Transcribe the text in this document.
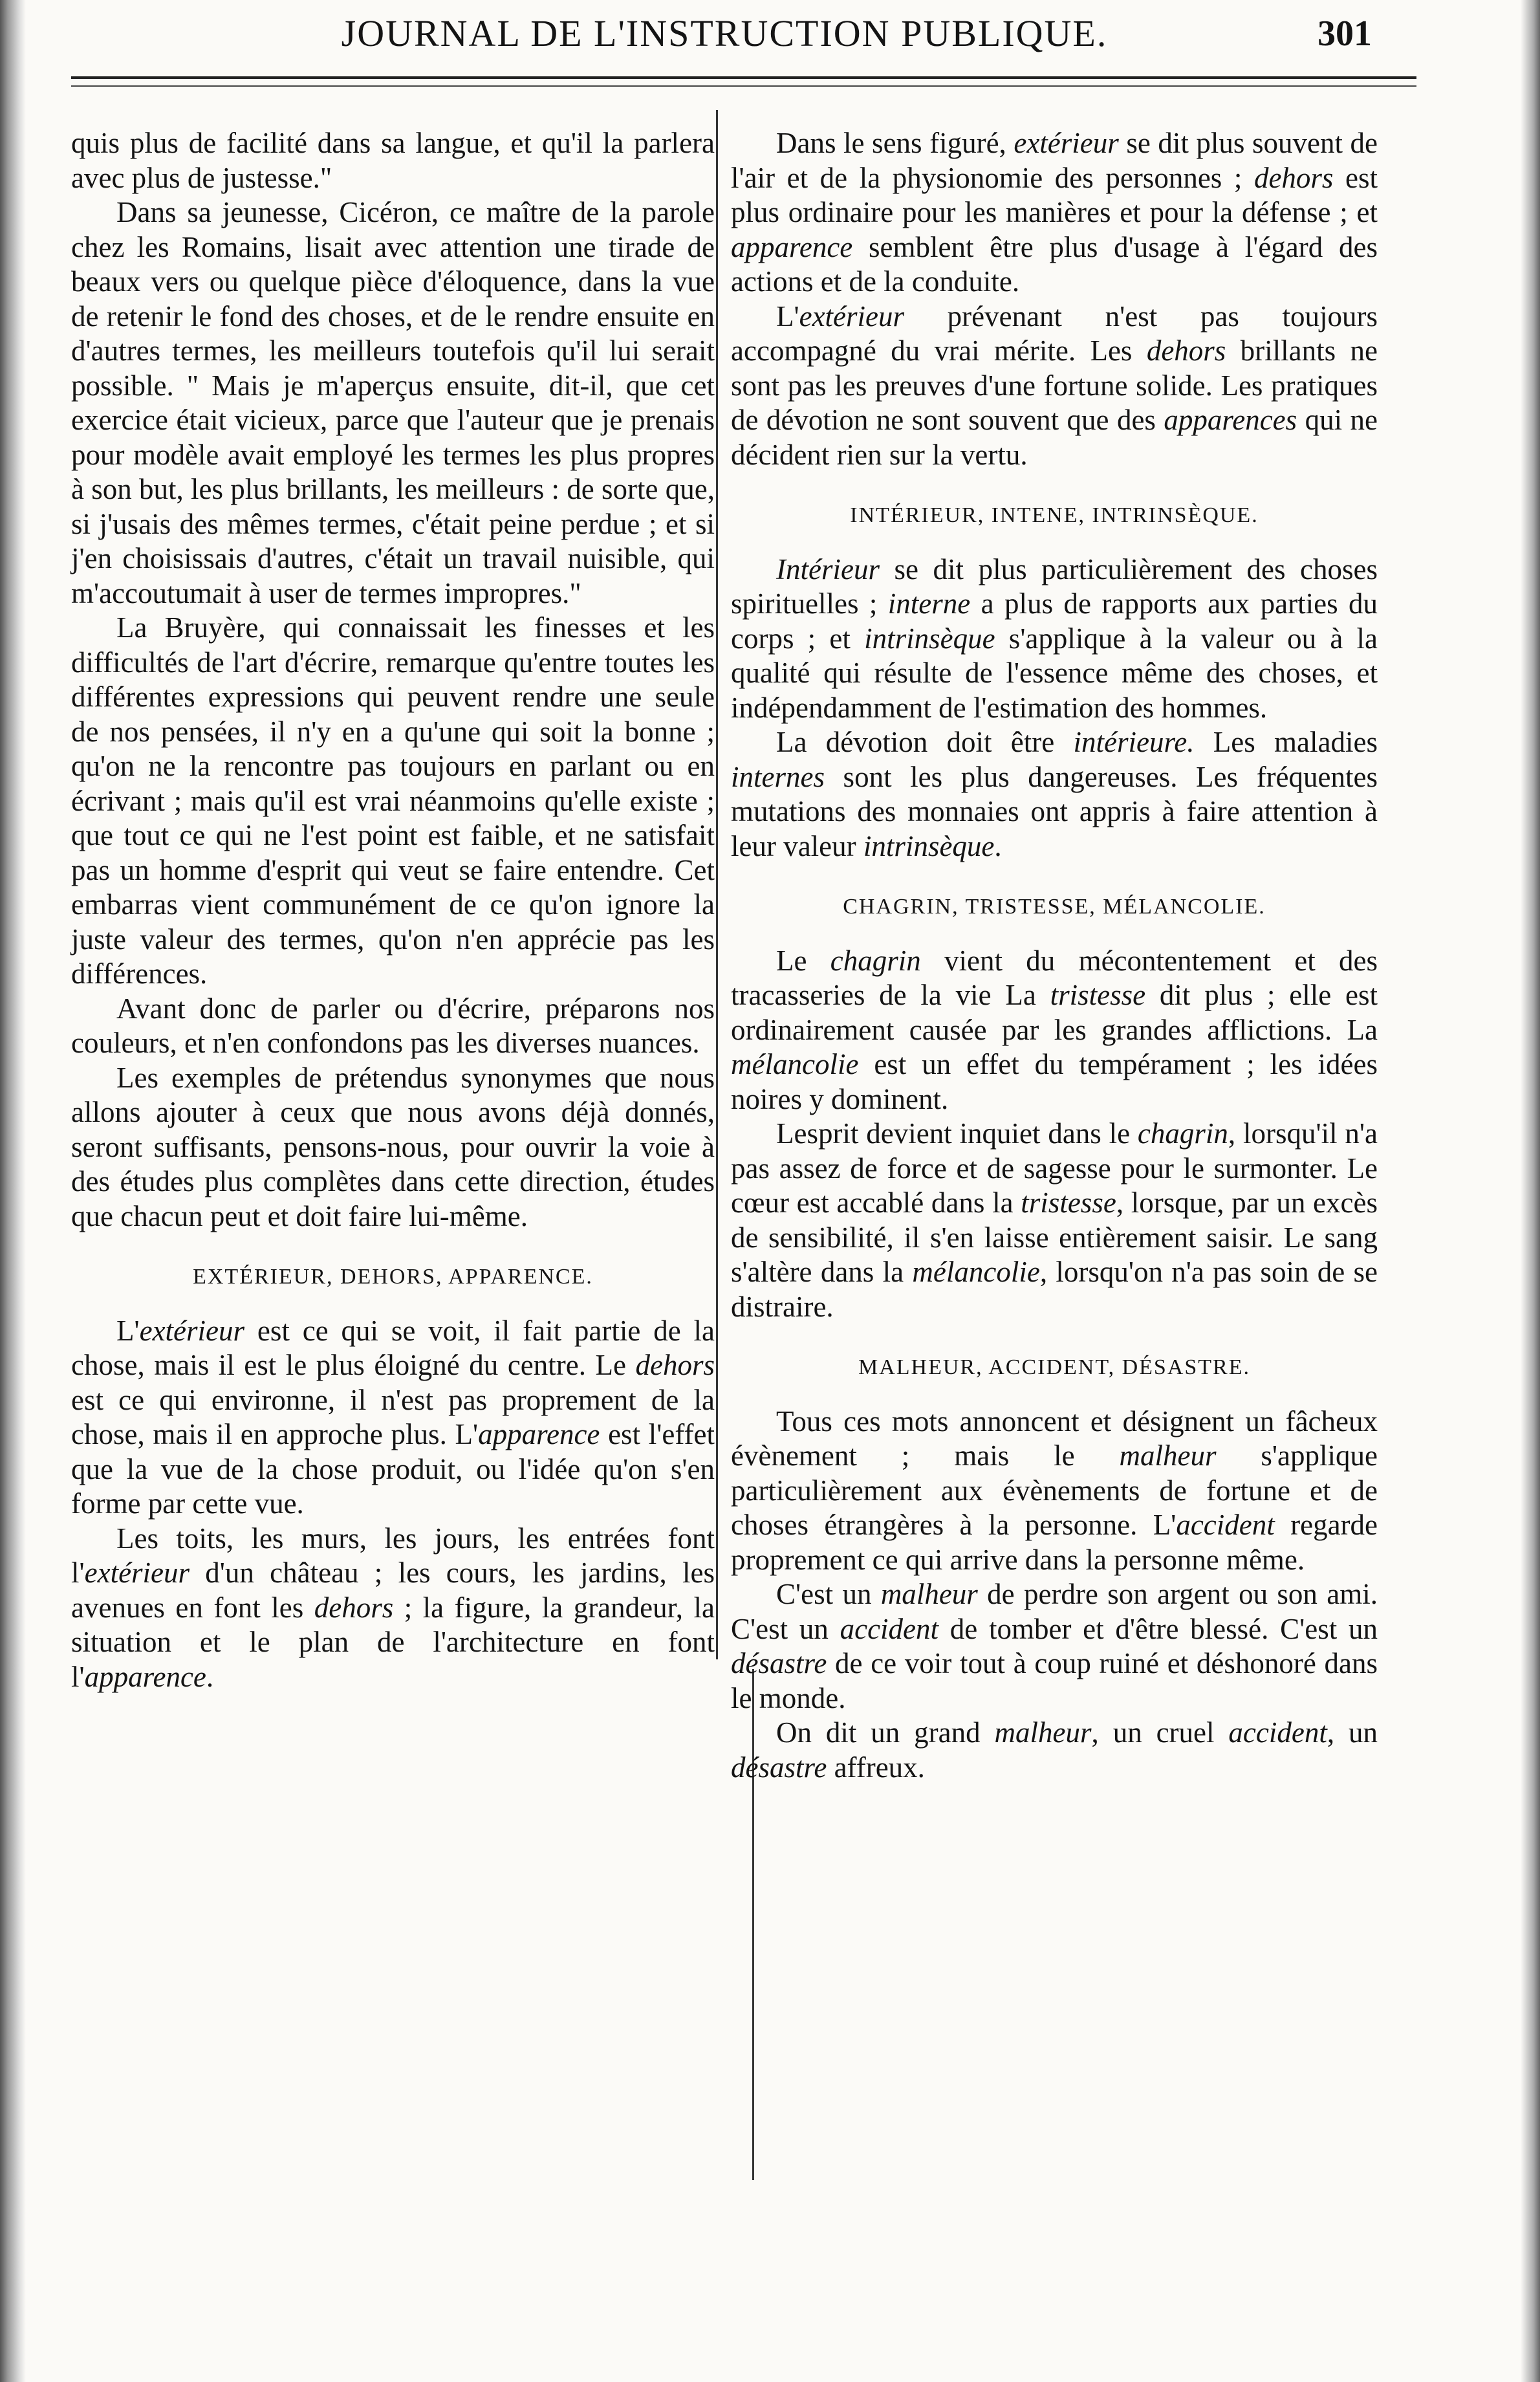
JOURNAL DE L'INSTRUCTION PUBLIQUE.	301

quis plus de facilité dans sa langue, et qu'il la parlera avec plus de justesse."

Dans sa jeunesse, Cicéron, ce maître de la parole chez les Romains, lisait avec attention une tirade de beaux vers ou quelque pièce d'éloquence, dans la vue de retenir le fond des choses, et de le rendre ensuite en d'autres termes, les meilleurs toutefois qu'il lui serait possible. " Mais je m'aperçus ensuite, dit-il, que cet exercice était vicieux, parce que l'auteur que je prenais pour modèle avait employé les termes les plus propres à son but, les plus brillants, les meilleurs : de sorte que, si j'usais des mêmes termes, c'était peine perdue ; et si j'en choisissais d'autres, c'était un travail nuisible, qui m'accoutumait à user de termes impropres."

La Bruyère, qui connaissait les finesses et les difficultés de l'art d'écrire, remarque qu'entre toutes les différentes expressions qui peuvent rendre une seule de nos pensées, il n'y en a qu'une qui soit la bonne ; qu'on ne la rencontre pas toujours en parlant ou en écrivant ; mais qu'il est vrai néanmoins qu'elle existe ; que tout ce qui ne l'est point est faible, et ne satisfait pas un homme d'esprit qui veut se faire entendre. Cet embarras vient communément de ce qu'on ignore la juste valeur des termes, qu'on n'en apprécie pas les différences.

Avant donc de parler ou d'écrire, préparons nos couleurs, et n'en confondons pas les diverses nuances.

Les exemples de prétendus synonymes que nous allons ajouter à ceux que nous avons déjà donnés, seront suffisants, pensons-nous, pour ouvrir la voie à des études plus complètes dans cette direction, études que chacun peut et doit faire lui-même.

EXTÉRIEUR, DEHORS, APPARENCE.

L'extérieur est ce qui se voit, il fait partie de la chose, mais il est le plus éloigné du centre. Le dehors est ce qui environne, il n'est pas proprement de la chose, mais il en approche plus. L'apparence est l'effet que la vue de la chose produit, ou l'idée qu'on s'en forme par cette vue.

Les toits, les murs, les jours, les entrées font l'extérieur d'un château ; les cours, les jardins, les avenues en font les dehors ; la figure, la grandeur, la situation et le plan de l'architecture en font l'apparence.

Dans le sens figuré, extérieur se dit plus souvent de l'air et de la physionomie des personnes ; dehors est plus ordinaire pour les manières et pour la défense ; et apparence semblent être plus d'usage à l'égard des actions et de la conduite.

L'extérieur prévenant n'est pas toujours accompagné du vrai mérite. Les dehors brillants ne sont pas les preuves d'une fortune solide. Les pratiques de dévotion ne sont souvent que des apparences qui ne décident rien sur la vertu.

INTÉRIEUR, INTENE, INTRINSÈQUE.

Intérieur se dit plus particulièrement des choses spirituelles ; interne a plus de rapports aux parties du corps ; et intrinsèque s'applique à la valeur ou à la qualité qui résulte de l'essence même des choses, et indépendamment de l'estimation des hommes.

La dévotion doit être intérieure. Les maladies internes sont les plus dangereuses. Les fréquentes mutations des monnaies ont appris à faire attention à leur valeur intrinsèque.

CHAGRIN, TRISTESSE, MÉLANCOLIE.

Le chagrin vient du mécontentement et des tracasseries de la vie La tristesse dit plus ; elle est ordinairement causée par les grandes afflictions. La mélancolie est un effet du tempérament ; les idées noires y dominent.

Lesprit devient inquiet dans le chagrin, lorsqu'il n'a pas assez de force et de sagesse pour le surmonter. Le cœur est accablé dans la tristesse, lorsque, par un excès de sensibilité, il s'en laisse entièrement saisir. Le sang s'altère dans la mélancolie, lorsqu'on n'a pas soin de se distraire.

MALHEUR, ACCIDENT, DÉSASTRE.

Tous ces mots annoncent et désignent un fâcheux évènement ; mais le malheur s'applique particulièrement aux évènements de fortune et de choses étrangères à la personne. L'accident regarde proprement ce qui arrive dans la personne même.

C'est un malheur de perdre son argent ou son ami. C'est un accident de tomber et d'être blessé. C'est un désastre de ce voir tout à coup ruiné et déshonoré dans le monde.

On dit un grand malheur, un cruel accident, un désastre affreux.
